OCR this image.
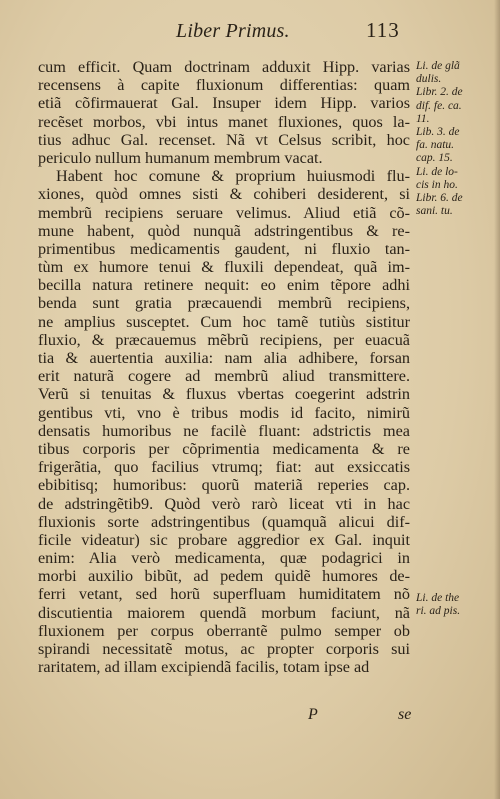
Liber Primus.	113
cum efficit. Quam doctrinam adduxit Hipp. varias
recensens à capite fluxionum differentias: quam
etiã cõfirmauerat Gal. Insuper idem Hipp. varios
recẽset morbos, vbi intus manet fluxiones, quos la-
tius adhuc Gal. recenset. Nã vt Celsus scribit, hoc
periculo nullum humanum membrum vacat.
Habent hoc comune & proprium huiusmodi flu-
xiones, quòd omnes sisti & cohiberi desiderent, si
membrũ recipiens seruare velimus. Aliud etiã cõ-
mune habent, quòd nunquã adstringentibus & re-
primentibus medicamentis gaudent, ni fluxio tan-
tùm ex humore tenui & fluxili dependeat, quã im-
becilla natura retinere nequit: eo enim tẽpore adhi
benda sunt gratia præcauendi membrũ recipiens,
ne amplius susceptet. Cum hoc tamẽ tutiùs sistitur
fluxio, & præcauemus mẽbrũ recipiens, per euacuã
tia & auertentia auxilia: nam alia adhibere, forsan
erit naturã cogere ad membrũ aliud transmittere.
Verũ si tenuitas & fluxus vbertas coegerint adstrin
gentibus vti, vno è tribus modis id facito, nimirũ
densatis humoribus ne facilè fluant: adstrictis mea
tibus corporis per cõprimentia medicamenta & re
frigerãtia, quo facilius vtrumq; fiat: aut exsiccatis
ebibitisq; humoribus: quorũ materiã reperies cap.
de adstringẽtib9. Quòd verò rarò liceat vti in hac
fluxionis sorte adstringentibus (quamquã alicui dif-
ficile videatur) sic probare aggredior ex Gal. inquit
enim: Alia verò medicamenta, quæ podagrici in
morbi auxilio bibũt, ad pedem quidẽ humores de-
ferri vetant, sed horũ superfluam humiditatem nõ
discutientia maiorem quendã morbum faciunt, nã
fluxionem per corpus oberrantẽ pulmo semper ob
spirandi necessitatẽ motus, ac propter corporis sui
raritatem, ad illam excipiendã facilis, totam ipse ad
Li. de glã
dulis.
Libr. 2. de
dif. fe. ca.
11.
Lib. 3. de
fa. natu.
cap. 15.
Li. de lo-
cis in ho.
Libr. 6. de
sani. tu.
Li. de the
ri. ad pis.
P	se
